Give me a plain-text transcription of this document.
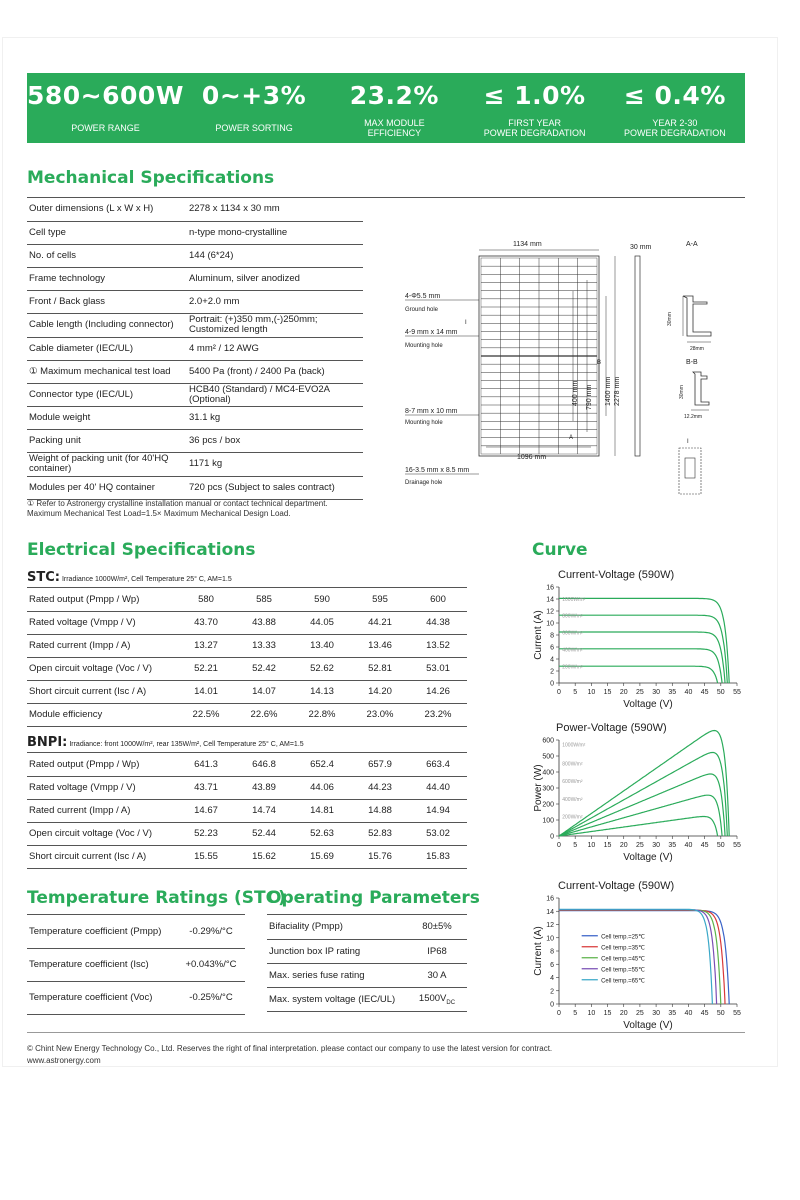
580~600W
POWER RANGE
0~+3%
POWER SORTING
23.2%
MAX MODULE
EFFICIENCY
≤ 1.0%
FIRST YEAR
POWER DEGRADATION
≤ 0.4%
YEAR 2-30
POWER DEGRADATION
Mechanical Specifications
Outer dimensions (L x W x H)	2278 x 1134 x 30 mm
Cell type	n-type mono-crystalline
No. of cells	144 (6*24)
Frame technology	Aluminum, silver anodized
Front / Back glass	2.0+2.0 mm
Cable length (Including connector)	Portrait: (+)350 mm,(-)250mm; Customized length
Cable diameter (IEC/UL)	4 mm² / 12 AWG
① Maximum mechanical test load	5400 Pa (front) / 2400 Pa (back)
Connector type (IEC/UL)	HCB40 (Standard) / MC4-EVO2A (Optional)
Module weight	31.1 kg
Packing unit	36 pcs / box
Weight of packing unit (for 40'HQ container)	1171 kg
Modules per 40' HQ container	720 pcs (Subject to sales contract)
① Refer to Astronergy crystalline installation manual or contact technical department.
Maximum Mechanical Test Load=1.5× Maximum Mechanical Design Load.
1134 mm	30 mm	A-A
B-B
4-Φ5.5 mm
Ground hole
4-9 mm x 14 mm
Mounting hole
8-7 mm x 10 mm
Mounting hole
16-3.5 mm x 8.5 mm
Drainage hole
1096 mm
I
A
B
I
400 mm 790 mm 1400 mm 2278 mm
30mm
28mm
12.2mm
30mm
Electrical Specifications
STC: Irradiance 1000W/m², Cell Temperature 25° C, AM=1.5
Rated output (Pmpp / Wp)	580	585	590	595	600
Rated voltage (Vmpp / V)	43.70	43.88	44.05	44.21	44.38
Rated current (Impp / A)	13.27	13.33	13.40	13.46	13.52
Open circuit voltage (Voc / V)	52.21	52.42	52.62	52.81	53.01
Short circuit current (Isc / A)	14.01	14.07	14.13	14.20	14.26
Module efficiency	22.5%	22.6%	22.8%	23.0%	23.2%
BNPI: Irradiance: front 1000W/m², rear 135W/m², Cell Temperature 25° C, AM=1.5
Rated output (Pmpp / Wp)	641.3	646.8	652.4	657.9	663.4
Rated voltage (Vmpp / V)	43.71	43.89	44.06	44.23	44.40
Rated current (Impp / A)	14.67	14.74	14.81	14.88	14.94
Open circuit voltage (Voc / V)	52.23	52.44	52.63	52.83	53.02
Short circuit current (Isc / A)	15.55	15.62	15.69	15.76	15.83
Temperature Ratings (STC)
Temperature coefficient (Pmpp)	-0.29%/°C
Temperature coefficient (Isc)	+0.043%/°C
Temperature coefficient (Voc)	-0.25%/°C
Operating Parameters
Bifaciality (Pmpp)	80±5%
Junction box IP rating	IP68
Max. series fuse rating	30 A
Max. system voltage (IEC/UL)	$1500V_{DC}$
Curve
Current-Voltage (590W)
0 5 10 15 20 25 30 35 40 45 50 55
0
2
4
6
8
10
12
14
16
Voltage (V)
Current (A)
1000W/m²
800W/m²
600W/m²
400W/m²
200W/m²
Power-Voltage (590W)
0 5 10 15 20 25 30 35 40 45 50 55
0
100
200
300
400
500
600
Voltage (V)
Power (W)
1000W/m²
800W/m²
600W/m²
400W/m²
200W/m²
Current-Voltage (590W)
0 5 10 15 20 25 30 35 40 45 50 55
0
2
4
6
8
10
12
14
16
Voltage (V)
Current (A)	Cell temp.=25℃
Cell temp.=35℃
Cell temp.=45℃
Cell temp.=55℃
Cell temp.=65℃
© Chint New Energy Technology Co., Ltd. Reserves the right of final interpretation. please contact our company to use the latest version for contract.
www.astronergy.com
